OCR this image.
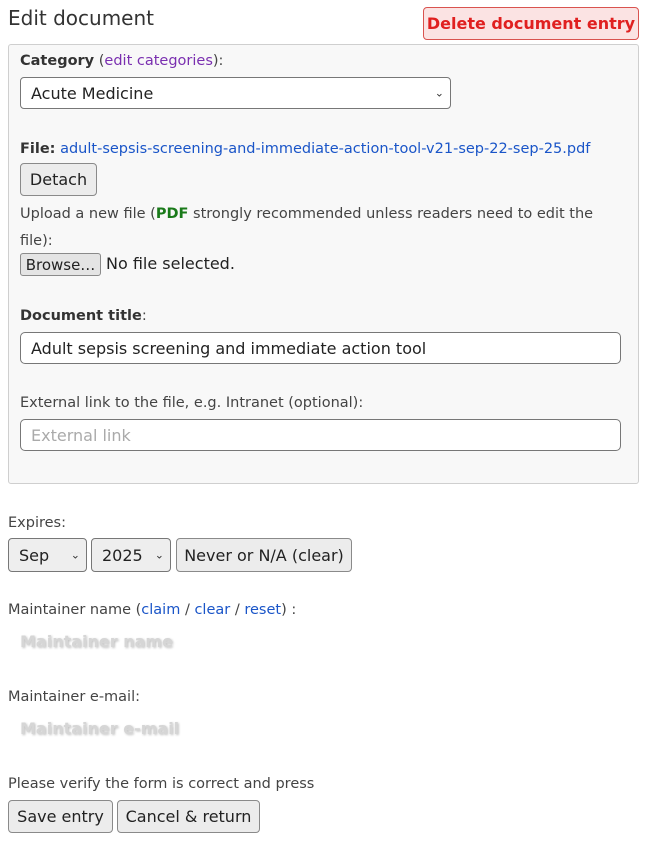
Edit document	Delete document entry
Category (edit categories):
Acute Medicine	⌄
File: adult-sepsis-screening-and-immediate-action-tool-v21-sep-22-sep-25.pdf
Detach
Upload a new file (PDF strongly recommended unless readers need to edit the file):
Browse… No file selected.
Document title:
Adult sepsis screening and immediate action tool
External link to the file, e.g. Intranet (optional):
External link
Expires:
Sep ⌄ 2025 ⌄	Never or N/A (clear)
Maintainer name (claim / clear / reset) :
Maintainer name
Maintainer e-mail:
Maintainer e-mail
Please verify the form is correct and press
Save entry	Cancel & return
